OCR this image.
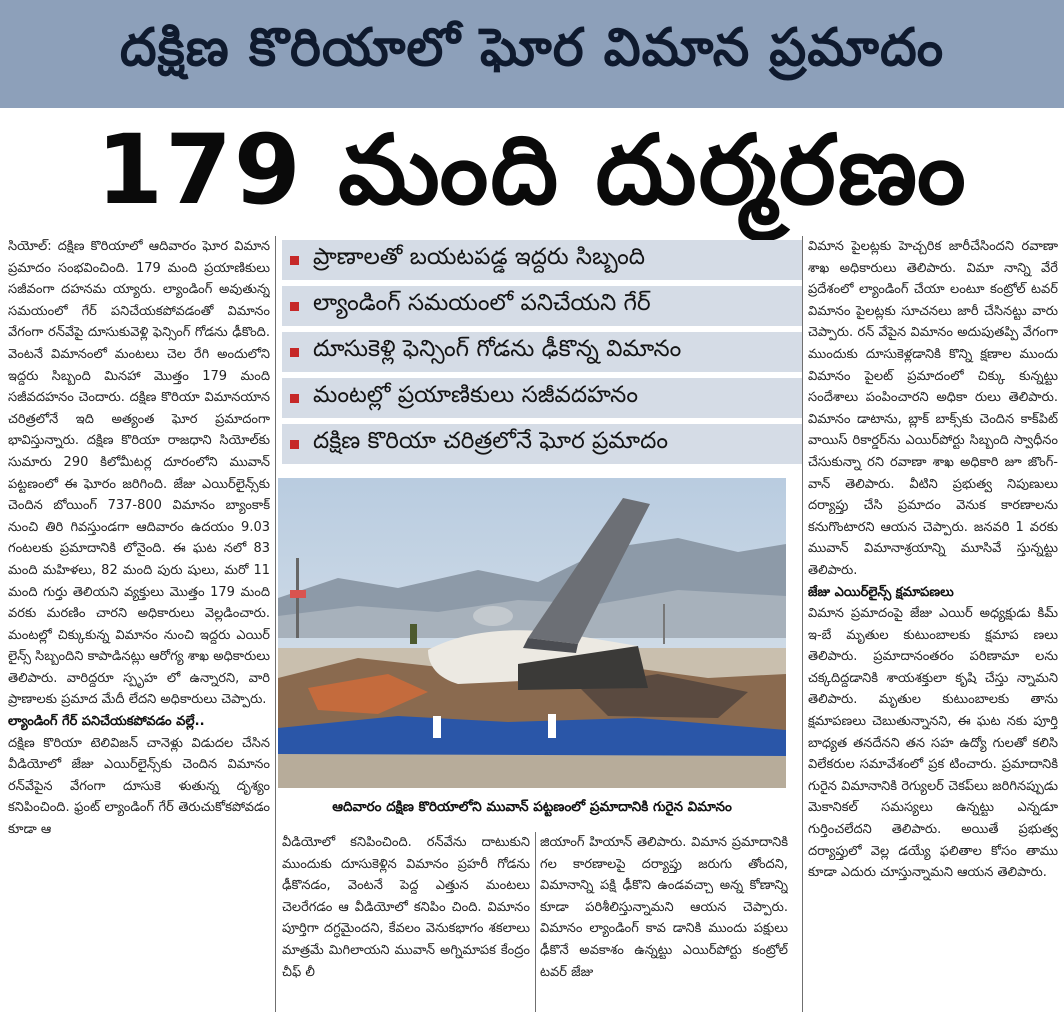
దక్షిణ కొరియాలో ఘోర విమాన ప్రమాదం
179 మంది దుర్మరణం

సియోల్: దక్షిణ కొరియాలో ఆదివారం ఘోర విమాన ప్రమాదం సంభవించింది. 179 మంది ప్రయాణికులు సజీవంగా దహనమ య్యారు. ల్యాండింగ్ అవుతున్న సమయంలో గేర్ పనిచేయకపోవడంతో విమానం వేగంగా రన్‌వేపై దూసుకువెళ్లి ఫెన్సింగ్ గోడను ఢీకొంది. వెంటనే విమానంలో మంటలు చెల రేగి అందులోని ఇద్దరు సిబ్బంది మినహా మొత్తం 179 మంది సజీవదహనం చెందారు. దక్షిణ కొరియా విమానయాన చరిత్రలోనే ఇది అత్యంత ఘోర ప్రమాదంగా భావిస్తున్నారు. దక్షిణ కొరియా రాజధాని సియోల్‌కు సుమారు 290 కిలోమీటర్ల దూరంలోని మువాన్ పట్టణంలో ఈ ఘోరం జరిగింది. జేజు ఎయిర్‌లైన్స్‌కు చెందిన బోయింగ్ 737-800 విమానం బ్యాంకాక్ నుంచి తిరి గివస్తుండగా ఆదివారం ఉదయం 9.03 గంటలకు ప్రమాదానికి లోనైంది. ఈ ఘట నలో 83 మంది మహిళలు, 82 మంది పురు షులు, మరో 11 మంది గుర్తు తెలియని వ్యక్తులు మొత్తం 179 మంది వరకు మరణిం చారని అధికారులు వెల్లడించారు. మంటల్లో చిక్కుకున్న విమానం నుంచి ఇద్దరు ఎయిర్ లైన్స్ సిబ్బందిని కాపాడినట్లు ఆరోగ్య శాఖ అధికారులు తెలిపారు. వారిద్దరూ స్పృహ లో ఉన్నారని, వారి ప్రాణాలకు ప్రమాద మేదీ లేదని అధికారులు చెప్పారు.

ల్యాండింగ్ గేర్ పనిచేయకపోవడం వల్లే..

దక్షిణ కొరియా టెలివిజన్ చానెళ్లు విడుదల చేసిన వీడియోలో జేజు ఎయిర్‌లైన్స్‌కు చెందిన విమానం రన్‌వేపైన వేగంగా దూసుకె ళుతున్న దృశ్యం కనిపించింది. ఫ్రంట్ ల్యాండింగ్ గేర్ తెరుచుకోకపోవడం కూడా ఆ

ప్రాణాలతో బయటపడ్డ ఇద్దరు సిబ్బంది
ల్యాండింగ్ సమయంలో పనిచేయని గేర్
దూసుకెళ్లి ఫెన్సింగ్ గోడను ఢీకొన్న విమానం
మంటల్లో ప్రయాణికులు సజీవదహనం
దక్షిణ కొరియా చరిత్రలోనే ఘోర ప్రమాదం
ఆదివారం దక్షిణ కొరియాలోని మువాన్ పట్టణంలో ప్రమాదానికి గురైన విమానం

వీడియోలో కనిపించింది. రన్‌వేను దాటుకుని ముందుకు దూసుకెళ్లిన విమానం ప్రహరీ గోడను ఢీకొనడం, వెంటనే పెద్ద ఎత్తున మంటలు చెలరేగడం ఆ వీడియోలో కనిపిం చింది. విమానం పూర్తిగా దగ్ధమైందని, కేవలం వెనుకభాగం శకలాలు మాత్రమే మిగిలాయని మువాన్ అగ్నిమాపక కేంద్రం చీఫ్ లీ

జియాంగ్ హియాన్ తెలిపారు. విమాన ప్రమాదానికి గల కారణాలపై దర్యాప్తు జరుగు తోందని, విమానాన్ని పక్షి ఢీకొని ఉండవచ్చా అన్న కోణాన్ని కూడా పరిశీలిస్తున్నామని ఆయన చెప్పారు. విమానం ల్యాండింగ్ కావ డానికి ముందు పక్షులు ఢీకొనే అవకాశం ఉన్నట్టు ఎయిర్‌పోర్టు కంట్రోల్ టవర్ జేజు

విమాన పైలట్లకు హెచ్చరిక జారీచేసిందని రవాణా శాఖ అధికారులు తెలిపారు. విమా నాన్ని వేరే ప్రదేశంలో ల్యాండింగ్ చేయా లంటూ కంట్రోల్ టవర్ విమానం పైలట్లకు సూచనలు జారీ చేసినట్టు వారు చెప్పారు. రన్ వేపైన విమానం అదుపుతప్పి వేగంగా ముందుకు దూసుకెళ్లడానికి కొన్ని క్షణాల ముందు విమానం పైలట్ ప్రమాదంలో చిక్కు కున్నట్టు సందేశాలు పంపించారని అధికా రులు తెలిపారు. విమానం డాటాను, బ్లాక్ బాక్స్‌కు చెందిన కాక్‌పిట్ వాయిస్ రికార్డర్‌ను ఎయిర్‌పోర్టు సిబ్బంది స్వాధీనం చేసుకున్నా రని రవాణా శాఖ అధికారి జూ జొంగ్-వాన్ తెలిపారు. వీటిని ప్రభుత్వ నిపుణులు దర్యాప్తు చేసి ప్రమాదం వెనుక కారణాలను కనుగొంటారని ఆయన చెప్పారు. జనవరి 1 వరకు మువాన్ విమానాశ్రయాన్ని మూసివే స్తున్నట్టు తెలిపారు.

జేజు ఎయిర్‌లైన్స్ క్షమాపణలు

విమాన ప్రమాదంపై జేజు ఎయిర్ అధ్యక్షుడు కిమ్ ఇ-బే మృతుల కుటుంబాలకు క్షమాప ణలు తెలిపారు. ప్రమాదానంతరం పరిణామా లను చక్కదిద్దడానికి శాయశక్తులా కృషి చేస్తు న్నామని తెలిపారు. మృతుల కుటుంబాలకు తాను క్షమాపణలు చెబుతున్నానని, ఈ ఘట నకు పూర్తి బాధ్యత తనదేనని తన సహ ఉద్యో గులతో కలిసి విలేకరుల సమావేశంలో ప్రక టించారు. ప్రమాదానికి గురైన విమానానికి రెగ్యులర్ చెకప్‌లు జరిగినప్పుడు మెకానికల్ సమస్యలు ఉన్నట్టు ఎన్నడూ గుర్తించలేదని తెలిపారు. అయితే ప్రభుత్వ దర్యాప్తులో వెల్ల డయ్యే ఫలితాల కోసం తాము కూడా ఎదురు చూస్తున్నామని ఆయన తెలిపారు.
